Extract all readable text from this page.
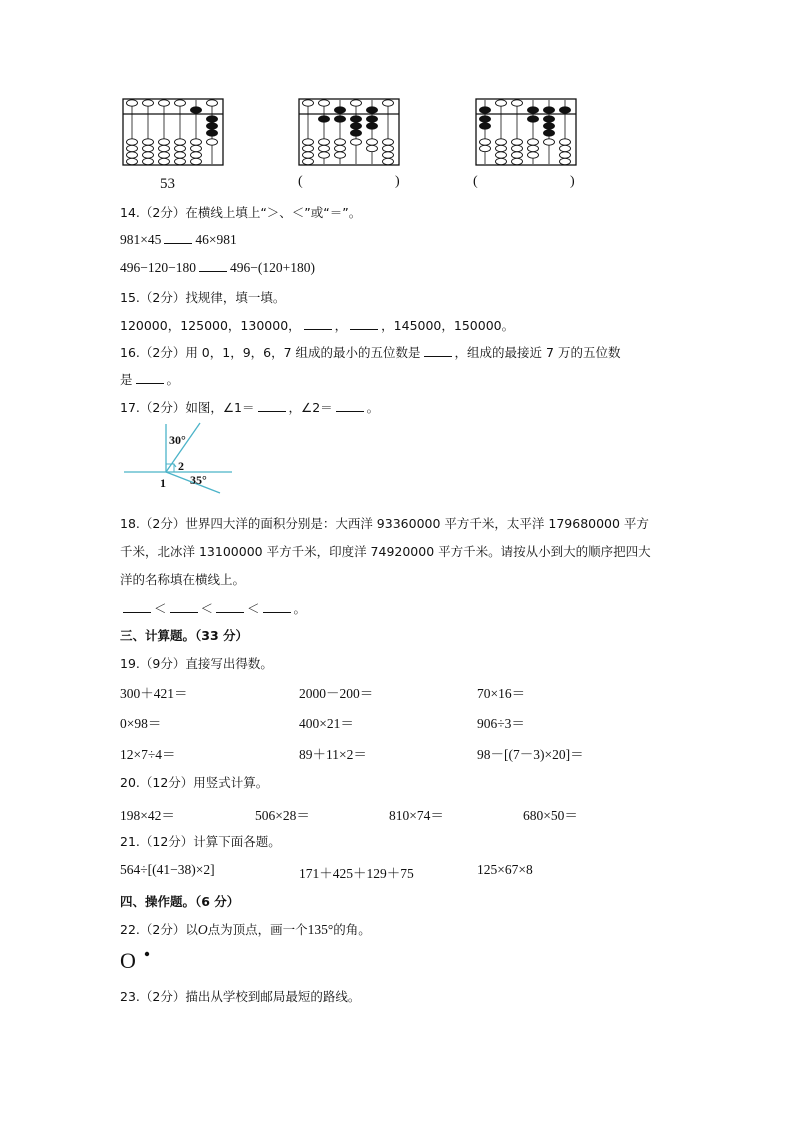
53	(	)	(	)
14.（2分）在横线上填上“＞、＜”或“＝”。
981×45	46×981
496−120−180	496−(120+180)
15.（2分）找规律，填一填。
120000，125000，130000，	，	，145000，150000。
16.（2分）用 0，1，9，6，7 组成的最小的五位数是	，组成的最接近 7 万的五位数
是	。
17.（2分）如图，∠1＝	，∠2＝	。
30°
2
1 35°
18.（2分）世界四大洋的面积分别是：大西洋 93360000 平方千米，太平洋 179680000 平方
千米，北冰洋 13100000 平方千米，印度洋 74920000 平方千米。请按从小到大的顺序把四大
洋的名称填在横线上。
＜	＜	＜	。
三、计算题。（33 分）
19.（9分）直接写出得数。
300＋421＝	2000－200＝	70×16＝
0×98＝	400×21＝	906÷3＝
12×7÷4＝	89＋11×2＝	98－[(7－3)×20]＝
20.（12分）用竖式计算。
198×42＝	506×28＝	810×74＝	680×50＝
21.（12分）计算下面各题。
564÷[(41−38)×2]	171＋425＋129＋75	125×67×8
四、操作题。（6 分）
22.（2分）以O点为顶点，画一个135°的角。
O
23.（2分）描出从学校到邮局最短的路线。
